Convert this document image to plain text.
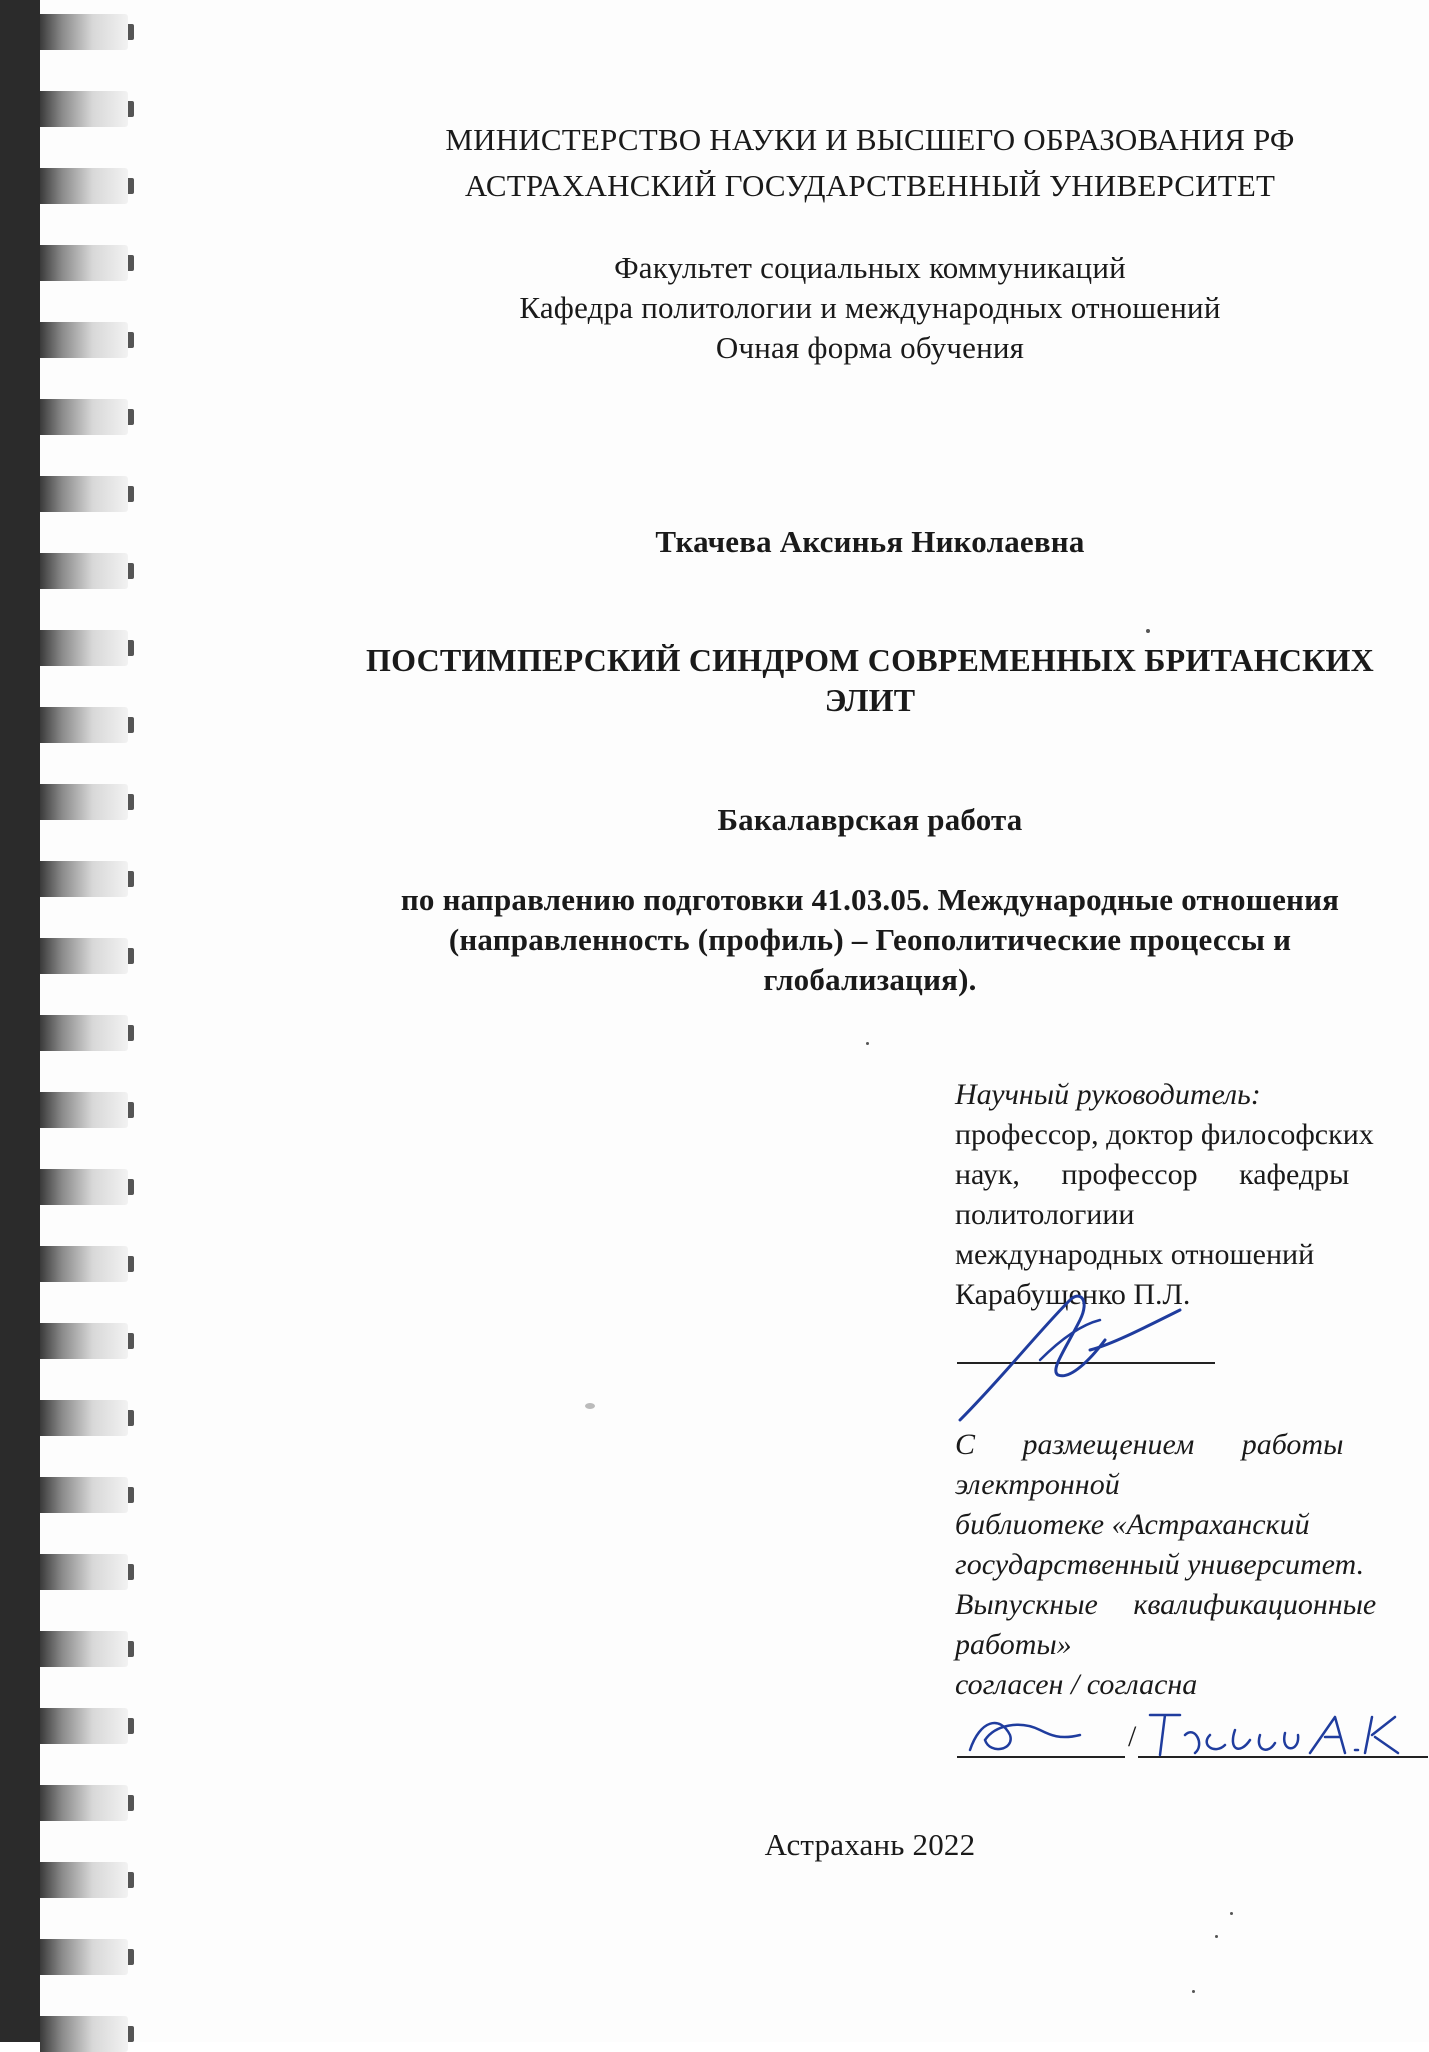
МИНИСТЕРСТВО НАУКИ И ВЫСШЕГО ОБРАЗОВАНИЯ РФ
АСТРАХАНСКИЙ ГОСУДАРСТВЕННЫЙ УНИВЕРСИТЕТ
Факультет социальных коммуникаций
Кафедра политологии и международных отношений
Очная форма обучения
Ткачева Аксинья Николаевна
ПОСТИМПЕРСКИЙ СИНДРОМ СОВРЕМЕННЫХ БРИТАНСКИХ
ЭЛИТ
Бакалаврская работа
по направлению подготовки 41.03.05. Международные отношения
(направленность (профиль) – Геополитические процессы и
глобализация).
Научный руководитель:
профессор, доктор философских
наук, профессор кафедры
политологиии
международных отношений
Карабущенко П.Л.
С размещением работы
электронной
библиотеке «Астраханский
государственный университет.
Выпускные квалификационные
работы»
согласен / согласна
/
Астрахань 2022
